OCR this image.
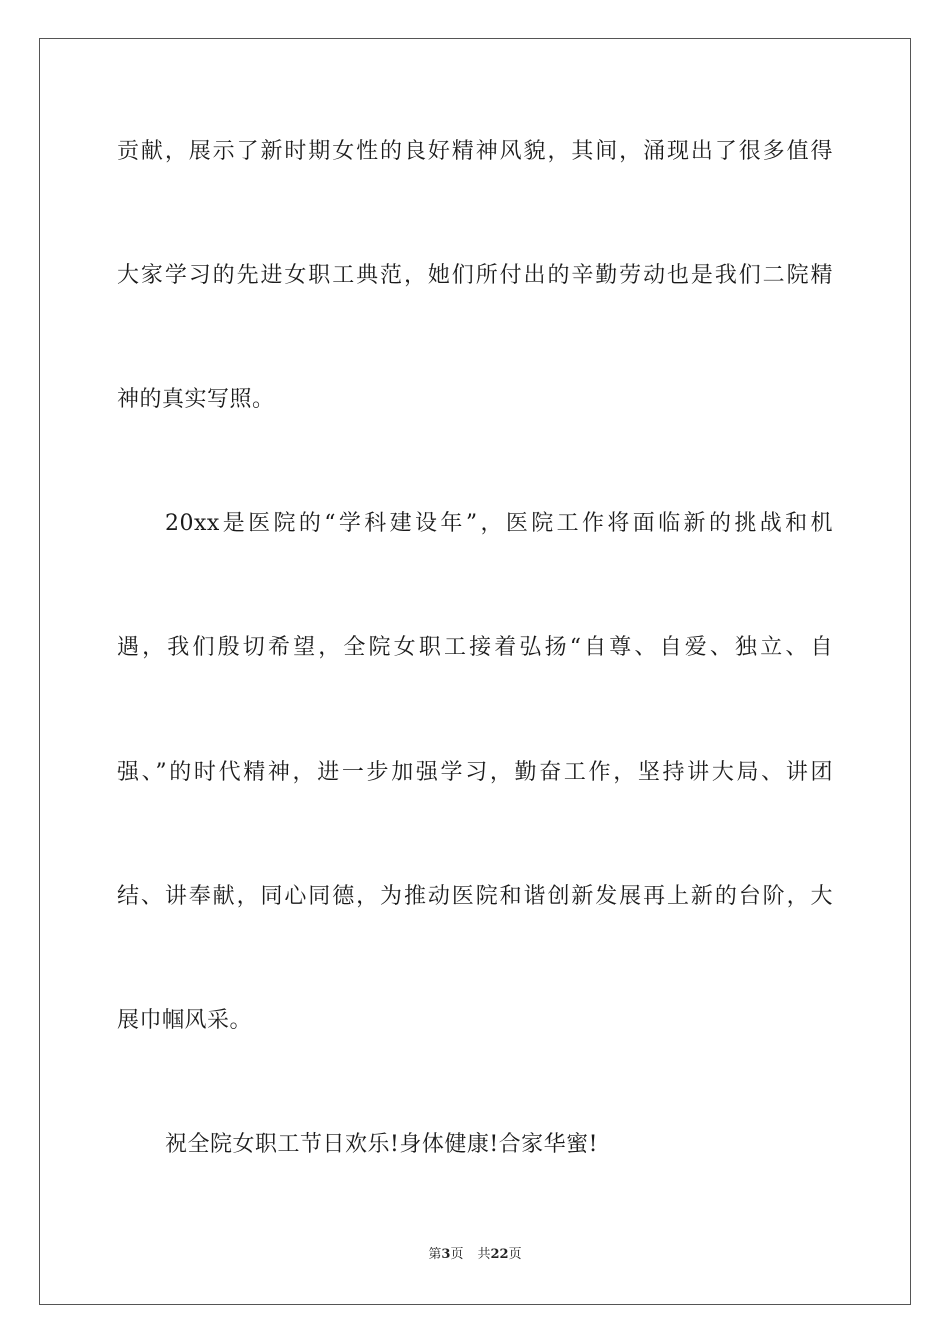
贡献，展示了新时期女性的良好精神风貌，其间，涌现出了很多值得
大家学习的先进女职工典范，她们所付出的辛勤劳动也是我们二院精
神的真实写照。
20xx是医院的“学科建设年”，医院工作将面临新的挑战和机
遇，我们殷切希望，全院女职工接着弘扬“自尊、自爱、独立、自
强、”的时代精神，进一步加强学习，勤奋工作，坚持讲大局、讲团
结、讲奉献，同心同德，为推动医院和谐创新发展再上新的台阶，大
展巾帼风采。
祝全院女职工节日欢乐!身体健康!合家华蜜!
第3页 共22页
